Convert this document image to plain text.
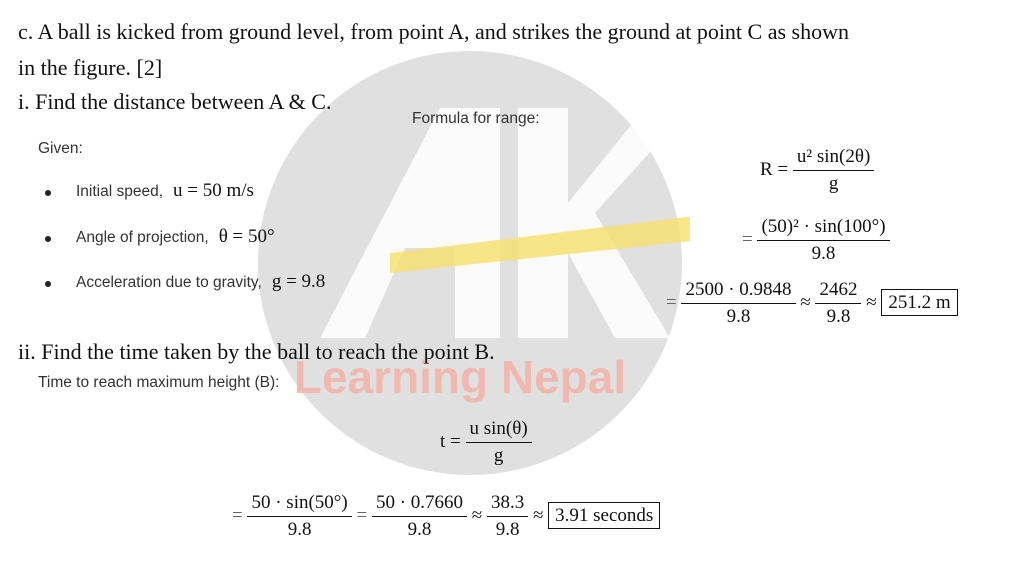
Learning Nepal
c. A ball is kicked from ground level, from point A, and strikes the ground at point C as shown
in the figure. [2]
i. Find the distance between A & C.
Given:
Initial speed, u = 50 m/s
Angle of projection, θ = 50°
Acceleration due to gravity, g = 9.8
Formula for range:
$R = \frac{\text{u² sin(2θ)}}{g}$
= $\frac{\text{(50)² · sin(100°)}}{9.8}$
= $\frac{2500 \cdot 0.9848}{9.8} \approx \frac{2462}{9.8} \approx 251.2$ m
ii. Find the time taken by the ball to reach the point B.
Time to reach maximum height (B):
$t = \frac{\text{u sin(θ)}}{g}$
= $\frac{50 \cdot \sin(50^\circ)}{9.8} = \frac{50 \cdot 0.7660}{9.8} \approx \frac{38.3}{9.8} \approx 3.91$ seconds
